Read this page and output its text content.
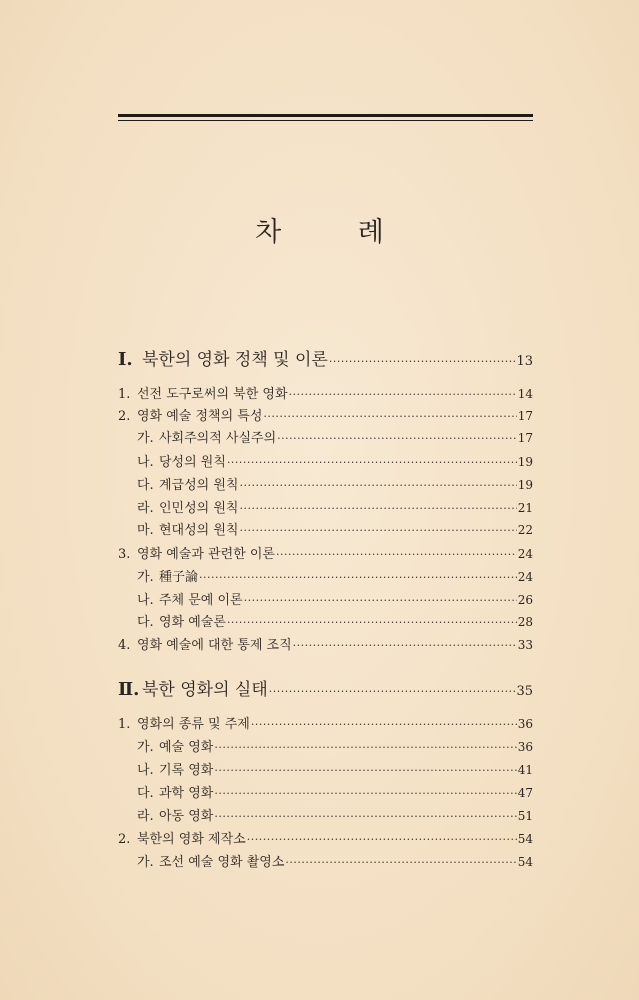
차 례
Ⅰ. 북한의 영화 정책 및 이론 ·····	13
1. 선전 도구로써의 북한 영화 ·····	14
2. 영화 예술 정책의 특성 ·····	17
가. 사회주의적 사실주의 ·····	17
나. 당성의 원칙 ·····	19
다. 계급성의 원칙 ·····	19
라. 인민성의 원칙 ·····	21
마. 현대성의 원칙 ·····	22
3. 영화 예술과 관련한 이론 ·····	24
가. 種子論 ·····	24
나. 주체 문예 이론 ·····	26
다. 영화 예술론 ·····	28
4. 영화 예술에 대한 통제 조직 ·····	33
Ⅱ. 북한 영화의 실태 ·····	35
1. 영화의 종류 및 주제 ·····	36
가. 예술 영화 ·····	36
나. 기록 영화 ·····	41
다. 과학 영화 ·····	47
라. 아동 영화 ·····	51
2. 북한의 영화 제작소 ·····	54
가. 조선 예술 영화 촬영소 ·····	54
